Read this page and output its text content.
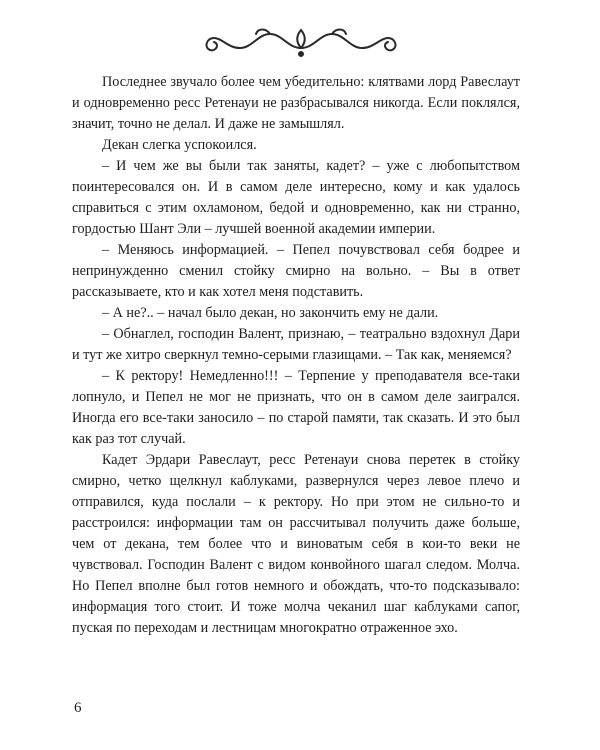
Последнее звучало более чем убедительно: клятвами лорд Равеслаут и одновременно ресс Ретенауи не разбрасывался никогда. Если поклялся, значит, точно не делал. И даже не замышлял.

Декан слегка успокоился.

– И чем же вы были так заняты, кадет? – уже с любопытством поинтересовался он. И в самом деле интересно, кому и как удалось справиться с этим охламоном, бедой и одновременно, как ни странно, гордостью Шант Эли – лучшей военной академии империи.

– Меняюсь информацией. – Пепел почувствовал себя бодрее и непринужденно сменил стойку смирно на вольно. – Вы в ответ рассказываете, кто и как хотел меня подставить.

– А не?.. – начал было декан, но закончить ему не дали.

– Обнаглел, господин Валент, признаю, – театрально вздохнул Дари и тут же хитро сверкнул темно-серыми глазищами. – Так как, меняемся?

– К ректору! Немедленно!!! – Терпение у преподавателя все-таки лопнуло, и Пепел не мог не признать, что он в самом деле заигрался. Иногда его все-таки заносило – по старой памяти, так сказать. И это был как раз тот случай.

Кадет Эрдари Равеслаут, ресс Ретенауи снова перетек в стойку смирно, четко щелкнул каблуками, развернулся через левое плечо и отправился, куда послали – к ректору. Но при этом не сильно-то и расстроился: информации там он рассчитывал получить даже больше, чем от декана, тем более что и виноватым себя в кои-то веки не чувствовал. Господин Валент с видом конвойного шагал следом. Молча. Но Пепел вполне был готов немного и обождать, что-то подсказывало: информация того стоит. И тоже молча чеканил шаг каблуками сапог, пуская по переходам и лестницам многократно отраженное эхо.

6
